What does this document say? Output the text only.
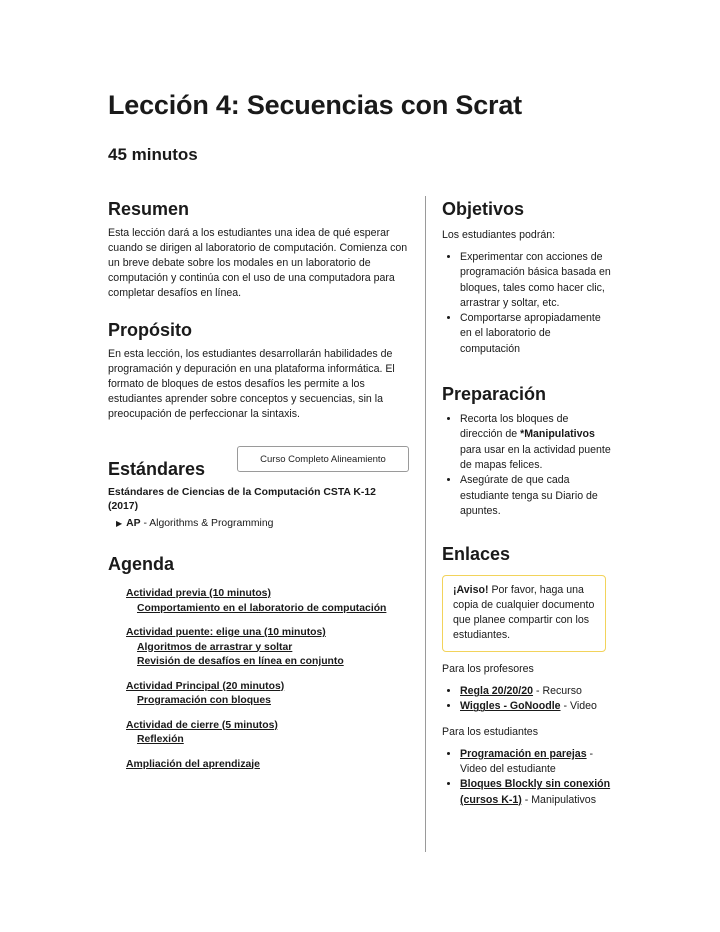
Lección 4: Secuencias con Scrat
45 minutos
Resumen

Esta lección dará a los estudiantes una idea de qué esperar cuando se dirigen al laboratorio de computación. Comienza con un breve debate sobre los modales en un laboratorio de computación y continúa con el uso de una computadora para completar desafíos en línea.

Propósito

En esta lección, los estudiantes desarrollarán habilidades de programación y depuración en una plataforma informática. El formato de bloques de estos desafíos les permite a los estudiantes aprender sobre conceptos y secuencias, sin la preocupación de perfeccionar la sintaxis.

Estándares	Curso Completo Alineamiento
Estándares de Ciencias de la Computación CSTA K-12 (2017)
▶ AP - Algorithms & Programming
Agenda
Actividad previa (10 minutos)
Comportamiento en el laboratorio de computación
Actividad puente: elige una (10 minutos)
Algoritmos de arrastrar y soltar
Revisión de desafíos en línea en conjunto
Actividad Principal (20 minutos)
Programación con bloques
Actividad de cierre (5 minutos)
Reflexión
Ampliación del aprendizaje
Objetivos
Los estudiantes podrán:
• Experimentar con acciones de programación básica basada en bloques, tales como hacer clic, arrastrar y soltar, etc.
• Comportarse apropiadamente en el laboratorio de computación
Preparación
• Recorta los bloques de dirección de *Manipulativos para usar en la actividad puente de mapas felices.
• Asegúrate de que cada estudiante tenga su Diario de apuntes.
Enlaces
¡Aviso! Por favor, haga una copia de cualquier documento que planee compartir con los estudiantes.
Para los profesores
• Regla 20/20/20 - Recurso
• Wiggles - GoNoodle - Video
Para los estudiantes
• Programación en parejas - Video del estudiante
• Bloques Blockly sin conexión (cursos K-1) - Manipulativos
